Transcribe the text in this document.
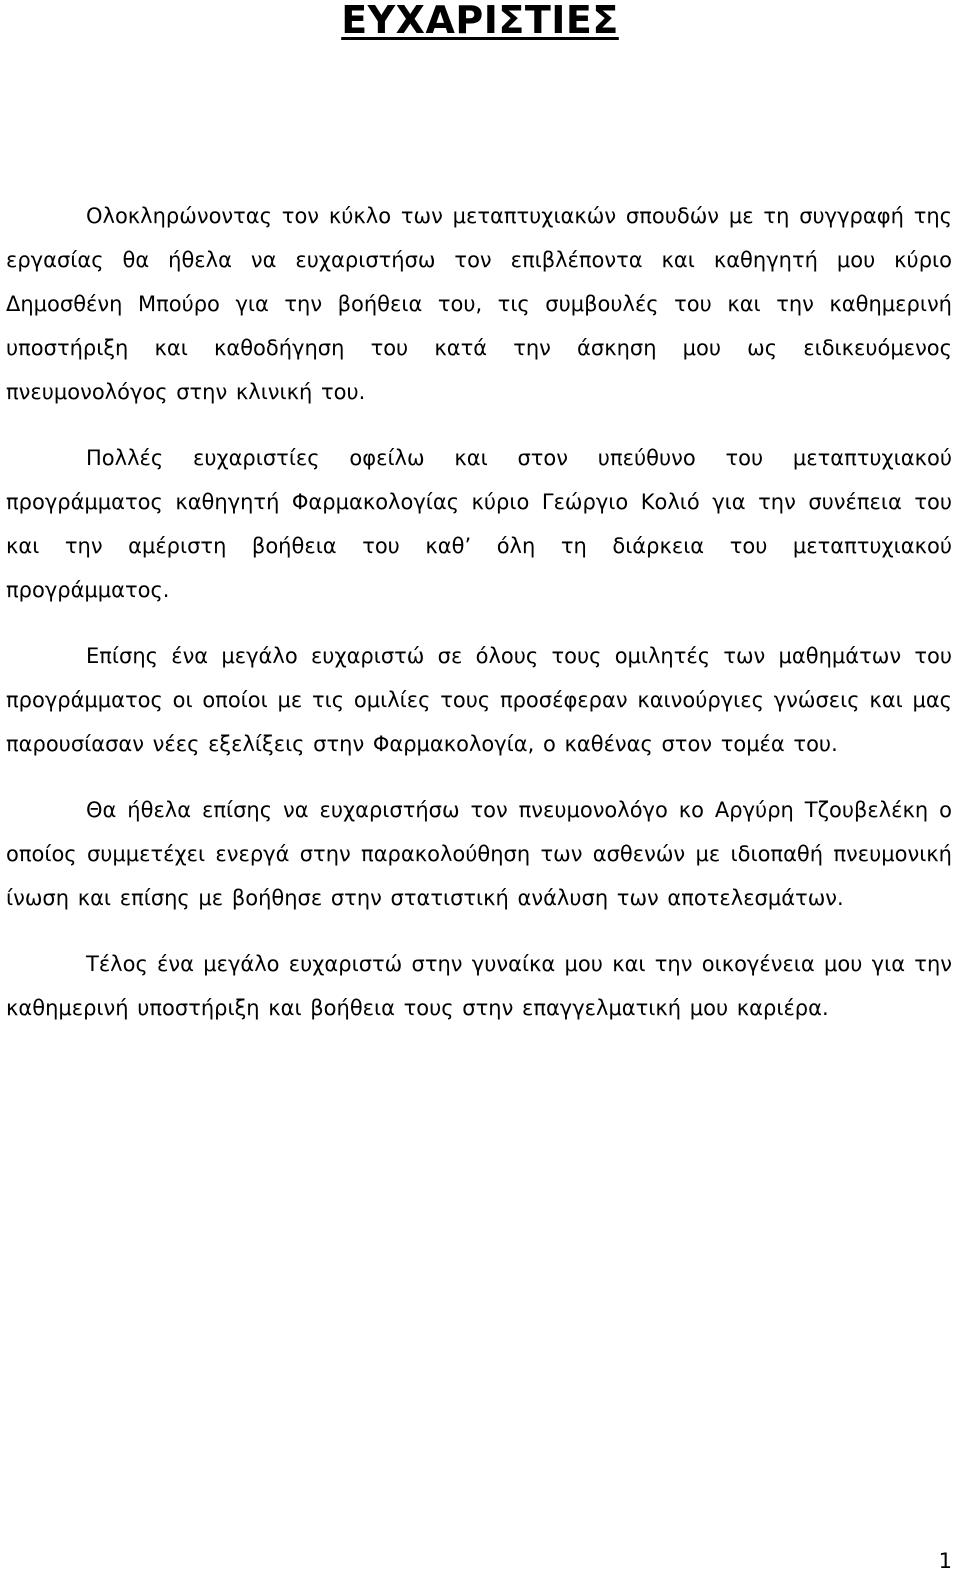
ΕΥΧΑΡΙΣΤΙΕΣ

Ολοκληρώνοντας τον κύκλο των μεταπτυχιακών σπουδών με τη συγγραφή της εργασίας θα ήθελα να ευχαριστήσω τον επιβλέποντα και καθηγητή μου κύριο Δημοσθένη Μπούρο για την βοήθεια του, τις συμβουλές του και την καθημερινή υποστήριξη και καθοδήγηση του κατά την άσκηση μου ως ειδικευόμενος πνευμονολόγος στην κλινική του.

Πολλές ευχαριστίες οφείλω και στον υπεύθυνο του μεταπτυχιακού προγράμματος καθηγητή Φαρμακολογίας κύριο Γεώργιο Κολιό για την συνέπεια του και την αμέριστη βοήθεια του καθ’ όλη τη διάρκεια του μεταπτυχιακού προγράμματος.

Επίσης ένα μεγάλο ευχαριστώ σε όλους τους ομιλητές των μαθημάτων του προγράμματος οι οποίοι με τις ομιλίες τους προσέφεραν καινούργιες γνώσεις και μας παρουσίασαν νέες εξελίξεις στην Φαρμακολογία, ο καθένας στον τομέα του.

Θα ήθελα επίσης να ευχαριστήσω τον πνευμονολόγο κο Αργύρη Τζουβελέκη ο οποίος συμμετέχει ενεργά στην παρακολούθηση των ασθενών με ιδιοπαθή πνευμονική ίνωση και επίσης με βοήθησε στην στατιστική ανάλυση των αποτελεσμάτων.

Τέλος ένα μεγάλο ευχαριστώ στην γυναίκα μου και την οικογένεια μου για την καθημερινή υποστήριξη και βοήθεια τους στην επαγγελματική μου καριέρα.

1
